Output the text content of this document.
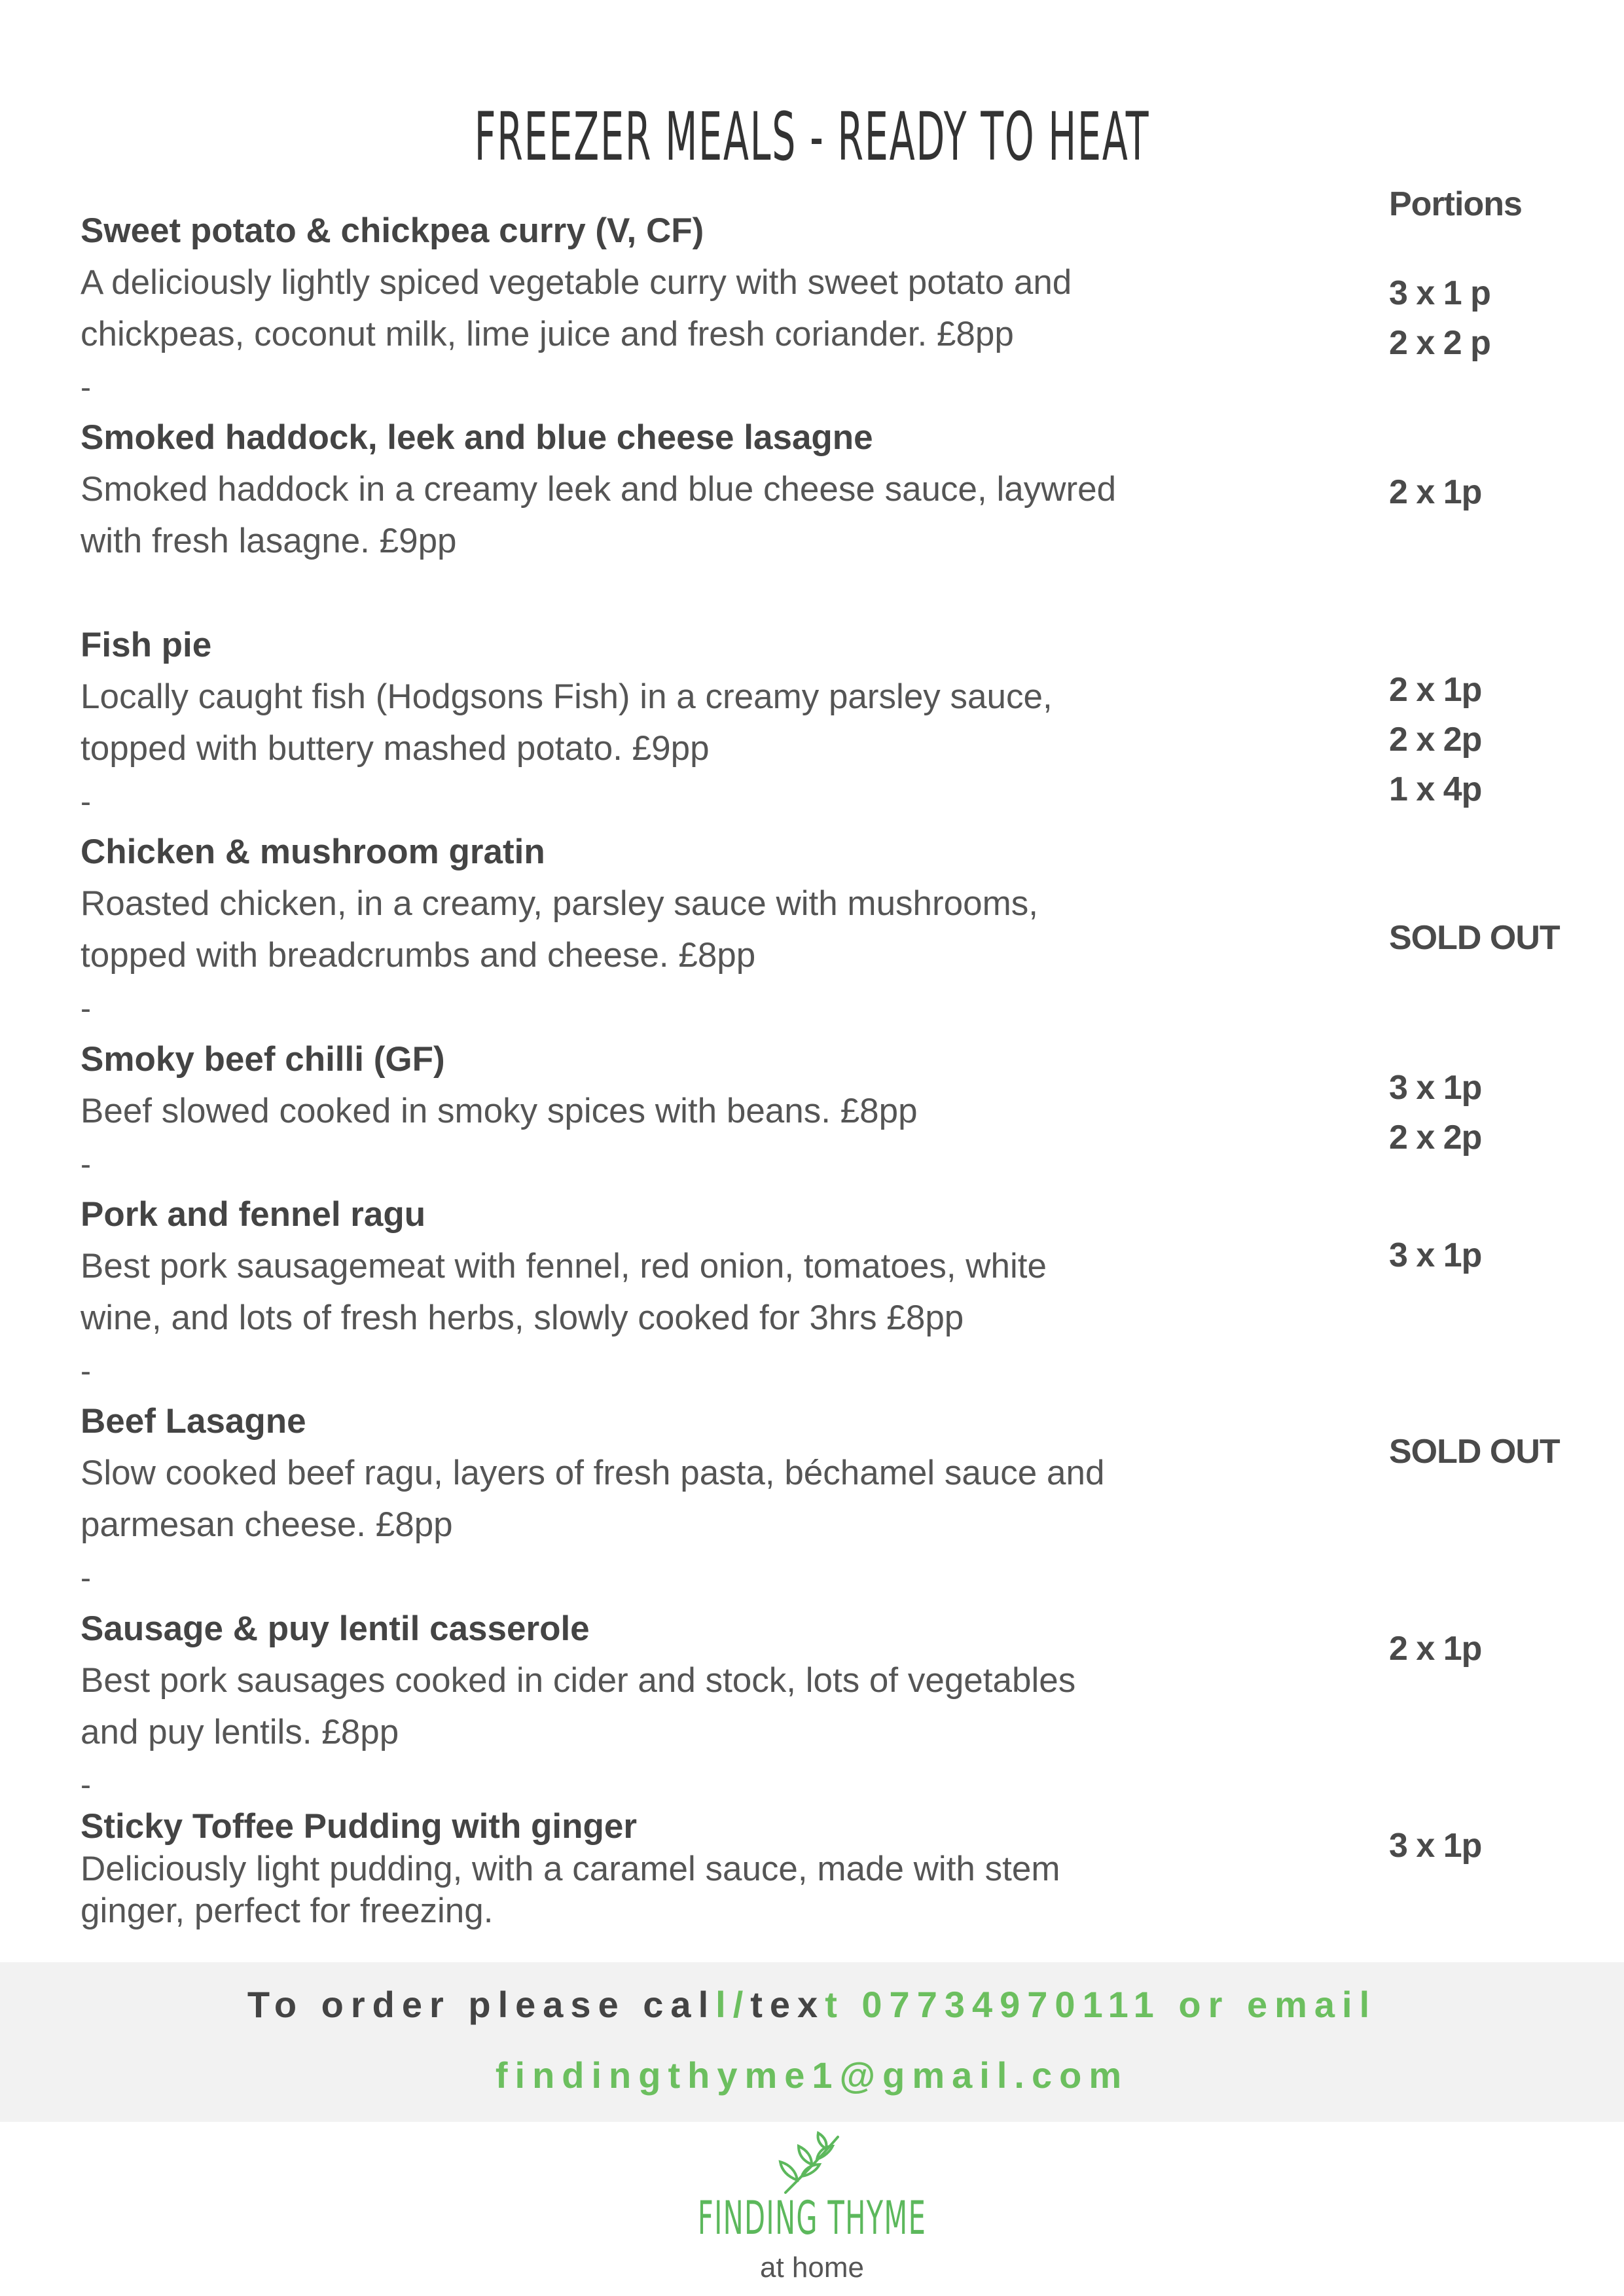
FREEZER MEALS - READY TO HEAT
Portions
Sweet potato & chickpea curry (V, CF)
A deliciously lightly spiced vegetable curry with sweet potato and
chickpeas, coconut milk, lime juice and fresh coriander. £8pp
3 x 1 p
2 x 2 p
-
Smoked haddock, leek and blue cheese lasagne
Smoked haddock in a creamy leek and blue cheese sauce, laywred
with fresh lasagne. £9pp
2 x 1p
Fish pie
Locally caught fish (Hodgsons Fish) in a creamy parsley sauce,
topped with buttery mashed potato. £9pp
2 x 1p
2 x 2p
1 x 4p
-
Chicken & mushroom gratin
Roasted chicken, in a creamy, parsley sauce with mushrooms,
topped with breadcrumbs and cheese. £8pp	SOLD OUT
-
Smoky beef chilli (GF)
Beef slowed cooked in smoky spices with beans. £8pp
3 x 1p
2 x 2p
-
Pork and fennel ragu
Best pork sausagemeat with fennel, red onion, tomatoes, white
wine, and lots of fresh herbs, slowly cooked for 3hrs £8pp
3 x 1p
-
Beef Lasagne
Slow cooked beef ragu, layers of fresh pasta, béchamel sauce and
parmesan cheese. £8pp
SOLD OUT
-
Sausage & puy lentil casserole
Best pork sausages cooked in cider and stock, lots of vegetables
and puy lentils. £8pp
2 x 1p
-
Sticky Toffee Pudding with ginger
Deliciously light pudding, with a caramel sauce, made with stem
ginger, perfect for freezing.
3 x 1p
To order please call/text 07734970111 or email
findingthyme1@gmail.com
FINDING THYME
at home
